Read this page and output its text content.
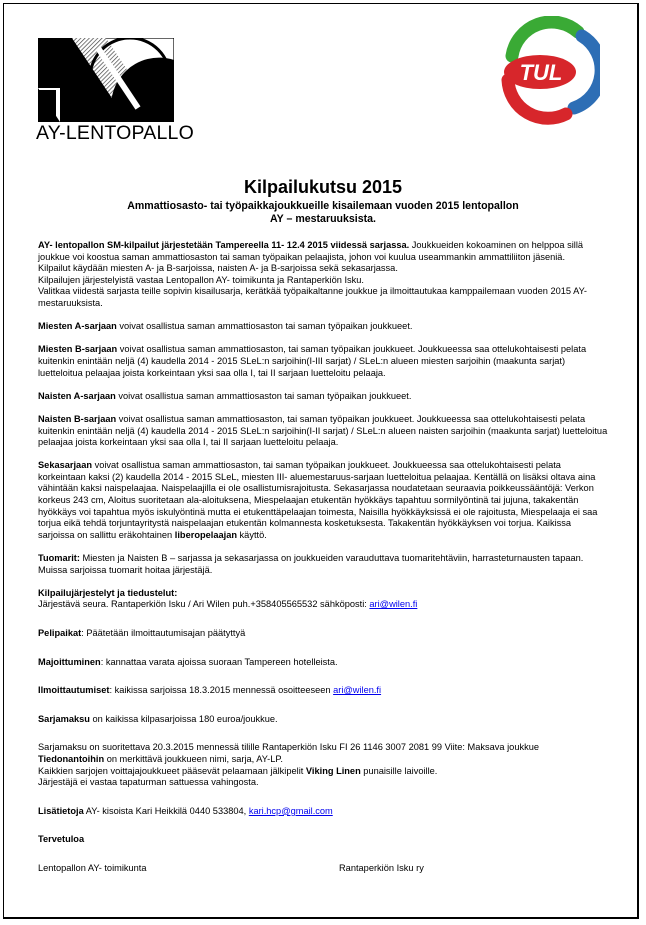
AY-LENTOPALLO
TUL
Kilpailukutsu 2015
Ammattiosasto- tai työpaikkajoukkueille kisailemaan vuoden 2015 lentopallon
AY – mestaruuksista.

AY- lentopallon SM-kilpailut järjestetään Tampereella 11- 12.4 2015 viidessä sarjassa. Joukkueiden kokoaminen on helppoa sillä joukkue voi koostua saman ammattiosaston tai saman työpaikan pelaajista, johon voi kuulua useammankin ammattiliiton jäseniä.

Kilpailut käydään miesten A- ja B-sarjoissa, naisten A- ja B-sarjoissa sekä sekasarjassa.

Kilpailujen järjestelyistä vastaa Lentopallon AY- toimikunta ja Rantaperkiön Isku.

Valitkaa viidestä sarjasta teille sopivin kisailusarja, kerätkää työpaikaltanne joukkue ja ilmoittautukaa kamppailemaan vuoden 2015 AY- mestaruuksista.

Miesten A-sarjaan voivat osallistua saman ammattiosaston tai saman työpaikan joukkueet.

Miesten B-sarjaan voivat osallistua saman ammattiosaston, tai saman työpaikan joukkueet. Joukkueessa saa ottelukohtaisesti pelata kuitenkin enintään neljä (4) kaudella 2014 - 2015 SLeL:n sarjoihin(I-III sarjat) / SLeL:n alueen miesten sarjoihin (maakunta sarjat) luetteloitua pelaajaa joista korkeintaan yksi saa olla I, tai II sarjaan luetteloitu pelaaja.

Naisten A-sarjaan voivat osallistua saman ammattiosaston tai saman työpaikan joukkueet.

Naisten B-sarjaan voivat osallistua saman ammattiosaston, tai saman työpaikan joukkueet. Joukkueessa saa ottelukohtaisesti pelata kuitenkin enintään neljä (4) kaudella 2014 - 2015 SLeL:n sarjoihin(I-II sarjat) / SLeL:n alueen naisten sarjoihin (maakunta sarjat) luetteloitua pelaajaa joista korkeintaan yksi saa olla I, tai II sarjaan luetteloitu pelaaja.

Sekasarjaan voivat osallistua saman ammattiosaston, tai saman työpaikan joukkueet. Joukkueessa saa ottelukohtaisesti pelata korkeintaan kaksi (2) kaudella 2014 - 2015 SLeL, miesten III- aluemestaruus-sarjaan luetteloitua pelaajaa. Kentällä on lisäksi oltava aina vähintään kaksi naispelaajaa. Naispelaajilla ei ole osallistumisrajoitusta. Sekasarjassa noudatetaan seuraavia poikkeussääntöjä: Verkon korkeus 243 cm, Aloitus suoritetaan ala-aloituksena, Miespelaajan etukentän hyökkäys tapahtuu sormilyöntinä tai jujuna, takakentän hyökkäys voi tapahtua myös iskulyöntinä mutta ei etukenttäpelaajan toimesta, Naisilla hyökkäyksissä ei ole rajoitusta, Miespelaaja ei saa torjua eikä tehdä torjuntayritystä naispelaajan etukentän kolmannesta kosketuksesta. Takakentän hyökkäyksen voi torjua. Kaikissa sarjoissa on sallittu eräkohtainen liberopelaajan käyttö.

Tuomarit: Miesten ja Naisten B – sarjassa ja sekasarjassa on joukkueiden varauduttava tuomaritehtäviin, harrasteturnausten tapaan. Muissa sarjoissa tuomarit hoitaa järjestäjä.

Kilpailujärjestelyt ja tiedustelut:

Järjestävä seura. Rantaperkiön Isku / Ari Wilen puh.+358405565532 sähköposti: ari@wilen.fi

Pelipaikat: Päätetään ilmoittautumisajan päätyttyä

Majoittuminen: kannattaa varata ajoissa suoraan Tampereen hotelleista.

Ilmoittautumiset: kaikissa sarjoissa 18.3.2015 mennessä osoitteeseen ari@wilen.fi

Sarjamaksu on kaikissa kilpasarjoissa 180 euroa/joukkue.

Sarjamaksu on suoritettava 20.3.2015 mennessä tilille Rantaperkiön Isku FI 26 1146 3007 2081 99 Viite: Maksava joukkue

Tiedonantoihin on merkittävä joukkueen nimi, sarja, AY-LP.

Kaikkien sarjojen voittajajoukkueet pääsevät pelaamaan jälkipelit Viking Linen punaisille laivoille.

Järjestäjä ei vastaa tapaturman sattuessa vahingosta.

Lisätietoja AY- kisoista Kari Heikkilä 0440 533804, kari.hcp@gmail.com

Tervetuloa

Lentopallon AY- toimikunta	Rantaperkiön Isku ry
